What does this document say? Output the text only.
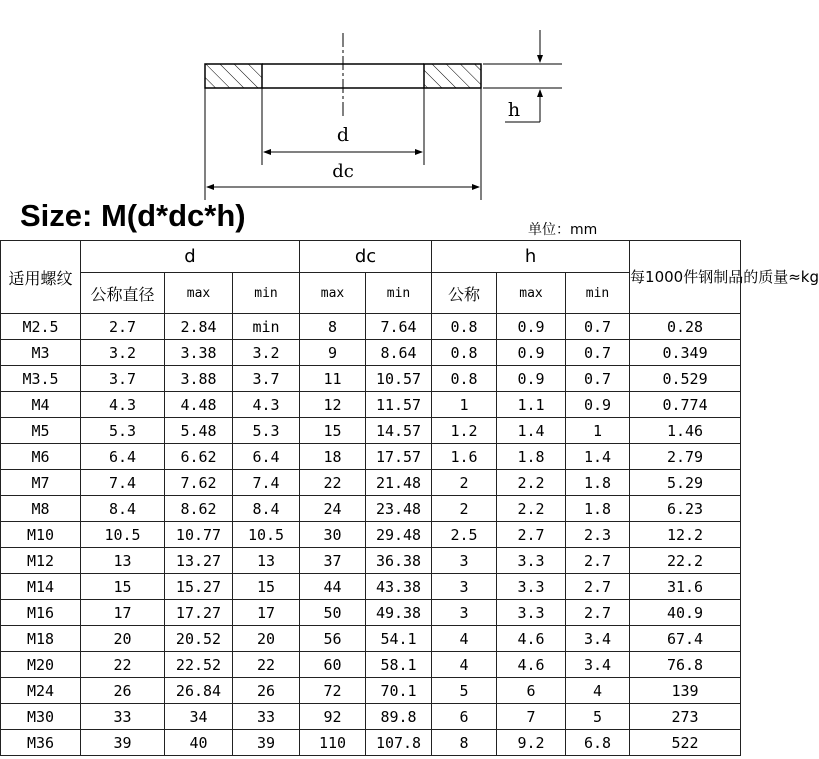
d
dc
h
Size: M(d*dc*h)	单位：mm
适用螺纹	d			dc		h			每1000件钢制品的质量≈kg
	公称直径	max	min	max	min	公称	max	min	
M2.5	2.7	2.84	min	8	7.64	0.8	0.9	0.7	0.28
M3	3.2	3.38	3.2	9	8.64	0.8	0.9	0.7	0.349
M3.5	3.7	3.88	3.7	11	10.57	0.8	0.9	0.7	0.529
M4	4.3	4.48	4.3	12	11.57	1	1.1	0.9	0.774
M5	5.3	5.48	5.3	15	14.57	1.2	1.4	1	1.46
M6	6.4	6.62	6.4	18	17.57	1.6	1.8	1.4	2.79
M7	7.4	7.62	7.4	22	21.48	2	2.2	1.8	5.29
M8	8.4	8.62	8.4	24	23.48	2	2.2	1.8	6.23
M10	10.5	10.77	10.5	30	29.48	2.5	2.7	2.3	12.2
M12	13	13.27	13	37	36.38	3	3.3	2.7	22.2
M14	15	15.27	15	44	43.38	3	3.3	2.7	31.6
M16	17	17.27	17	50	49.38	3	3.3	2.7	40.9
M18	20	20.52	20	56	54.1	4	4.6	3.4	67.4
M20	22	22.52	22	60	58.1	4	4.6	3.4	76.8
M24	26	26.84	26	72	70.1	5	6	4	139
M30	33	34	33	92	89.8	6	7	5	273
M36	39	40	39	110	107.8	8	9.2	6.8	522
